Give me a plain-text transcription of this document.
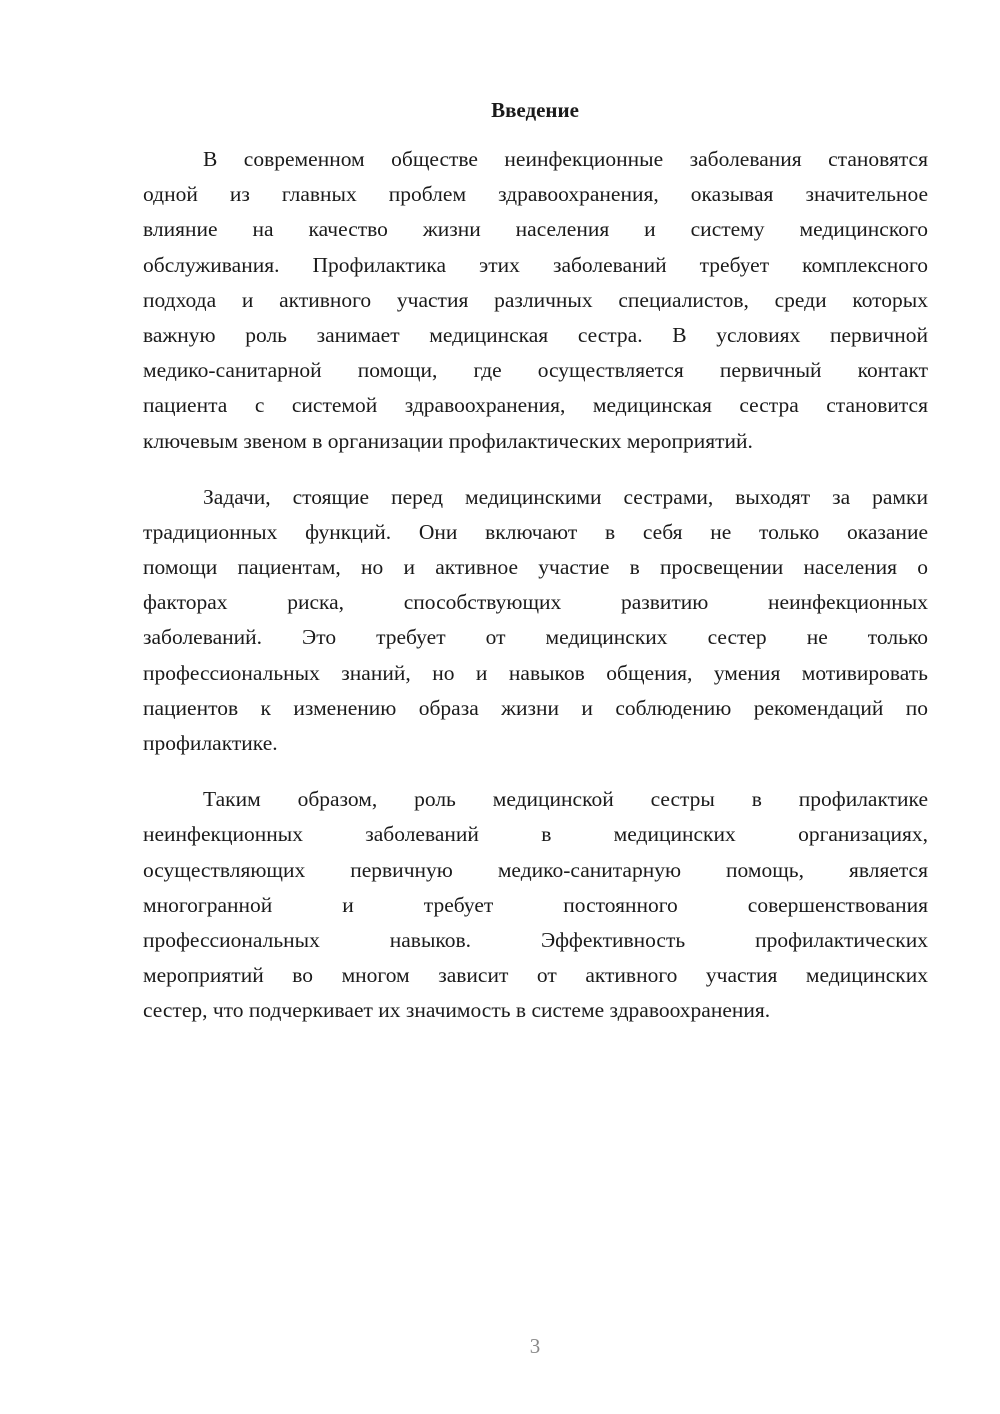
Введение
В современном обществе неинфекционные заболевания становятся
одной из главных проблем здравоохранения, оказывая значительное
влияние на качество жизни населения и систему медицинского
обслуживания. Профилактика этих заболеваний требует комплексного
подхода и активного участия различных специалистов, среди которых
важную роль занимает медицинская сестра. В условиях первичной
медико-санитарной помощи, где осуществляется первичный контакт
пациента с системой здравоохранения, медицинская сестра становится
ключевым звеном в организации профилактических мероприятий.
Задачи, стоящие перед медицинскими сестрами, выходят за рамки
традиционных функций. Они включают в себя не только оказание
помощи пациентам, но и активное участие в просвещении населения о
факторах риска, способствующих развитию неинфекционных
заболеваний. Это требует от медицинских сестер не только
профессиональных знаний, но и навыков общения, умения мотивировать
пациентов к изменению образа жизни и соблюдению рекомендаций по
профилактике.
Таким образом, роль медицинской сестры в профилактике
неинфекционных заболеваний в медицинских организациях,
осуществляющих первичную медико-санитарную помощь, является
многогранной и требует постоянного совершенствования
профессиональных навыков. Эффективность профилактических
мероприятий во многом зависит от активного участия медицинских
сестер, что подчеркивает их значимость в системе здравоохранения.
3
